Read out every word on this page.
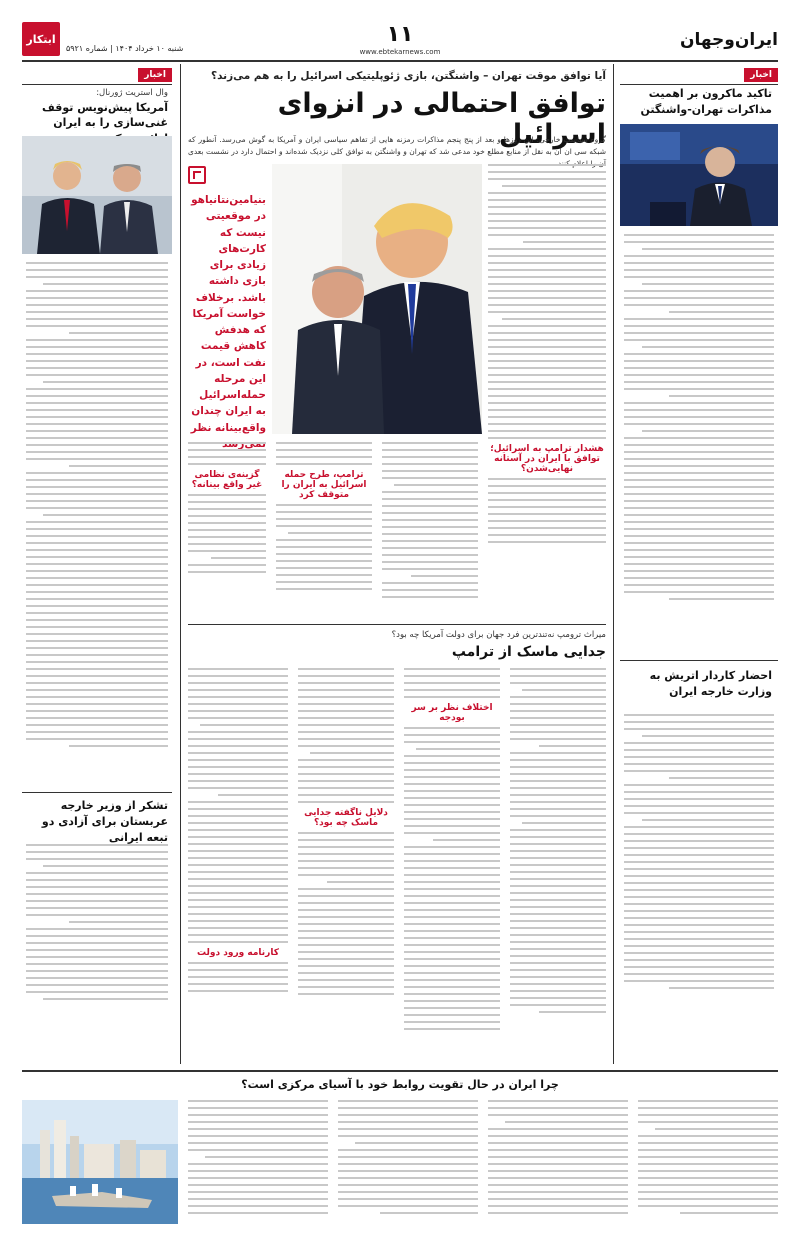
ایران‌وجهان
۱۱
www.ebtekarnews.com
شنبه ۱۰ خرداد ۱۴۰۴ | شماره ۵۹۲۱
ابتکار
اخبار
تاکید ماکرون بر اهمیت مذاکرات تهران-واشنگتن
احضار کاردار اتریش به وزارت خارجه ایران
اخبار
وال استریت ژورنال:
آمریکا پیش‌نویس توقف غنی‌سازی را به ایران
تشکر از وزیر خارجه عربستان برای آزادی دو تبعه ایرانی
آیا توافق موقت تهران – واشنگتن، بازی ژئوپلیتیکی اسرائیل را به هم می‌زند؟
توافق احتمالی در انزوای اسرائیل
گروه سیاست خارجی: این روزها و بعد از پنج پنجم مذاکرات رمزنه هایی از تفاهم سیاسی ایران و آمریکا به گوش می‌رسد. آنطور که شبکه سی ان ان به نقل از منابع مطلع خود مدعی شد که تهران و واشنگتن به توافق کلی نزدیک شده‌اند و احتمال دارد در نشست بعدی
هشدار ترامپ به اسرائیل؛ توافق با ایران در آستانه نهایی‌شدن؟
بنیامین‌نتانیاهو در موقعیتی نیست که کارت‌های زیادی برای بازی داشته باشد. برخلاف خواست آمریکا که هدفش کاهش قیمت نفت است، در این مرحله حمله‌اسرائیل به ایران چندان واقع‌بینانه نظر
ترامپ، طرح حمله اسرائیل به ایران را متوقف کرد
گزینه‌ی نظامی غیر واقع بینانه؟
میراث ترومپ نه‌تندترین فرد جهان برای دولت آمریکا چه بود؟
جدایی ماسک از ترامپ
اختلاف نظر بر سر بودجه
دلایل ناگفته جدایی ماسک چه بود؟
کارنامه ورود دولت
چرا ایران در حال تقویت روابط خود با آسیای مرکزی است؟
